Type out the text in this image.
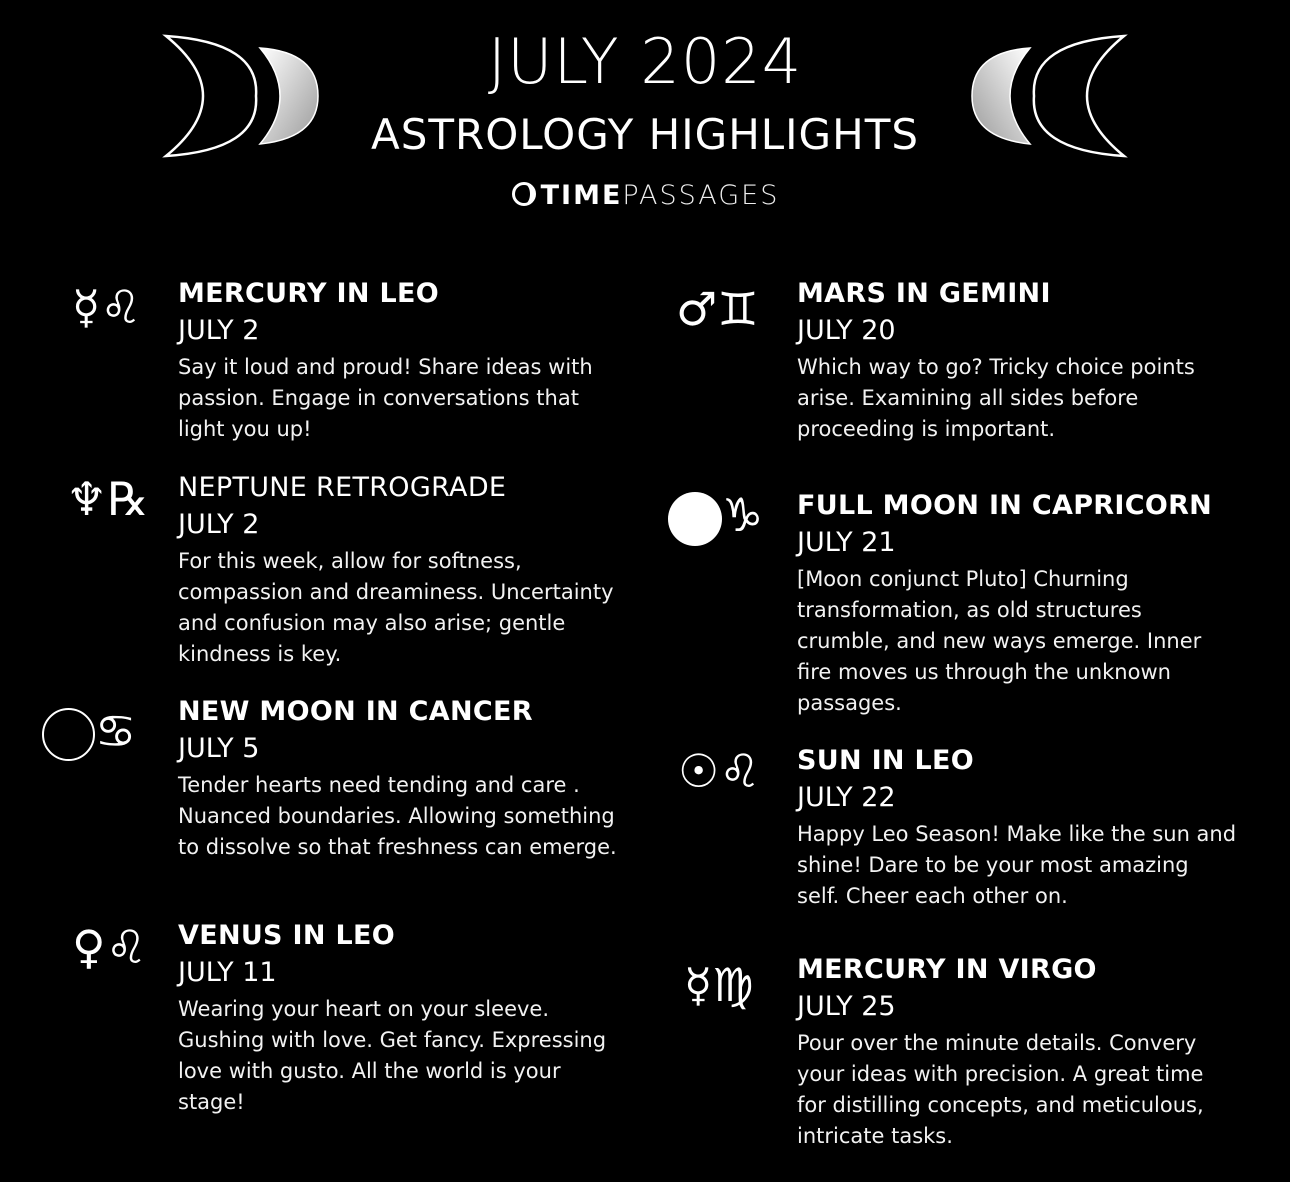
JULY 2024
ASTROLOGY HIGHLIGHTS
TIMEPASSAGES
☿♌︎ MERCURY IN LEO
JULY 2
Say it loud and proud! Share ideas with passion. Engage in conversations that light you up!
♆℞ NEPTUNE RETROGRADE
JULY 2
For this week, allow for softness, compassion and dreaminess. Uncertainty and confusion may also arise; gentle kindness is key.
♋︎ NEW MOON IN CANCER
JULY 5
Tender hearts need tending and care . Nuanced boundaries. Allowing something to dissolve so that freshness can emerge.
♀♌︎ VENUS IN LEO
JULY 11
Wearing your heart on your sleeve. Gushing with love. Get fancy. Expressing love with gusto. All the world is your stage!
♂♊︎ MARS IN GEMINI
JULY 20
Which way to go? Tricky choice points arise. Examining all sides before proceeding is important.
♑︎ FULL MOON IN CAPRICORN
JULY 21
[Moon conjunct Pluto] Churning transformation, as old structures crumble, and new ways emerge. Inner fire moves us through the unknown passages.
☉♌︎ SUN IN LEO
JULY 22
Happy Leo Season! Make like the sun and shine! Dare to be your most amazing self. Cheer each other on.
☿♍︎ MERCURY IN VIRGO
JULY 25
Pour over the minute details. Convery your ideas with precision. A great time for distilling concepts, and meticulous, intricate tasks.
